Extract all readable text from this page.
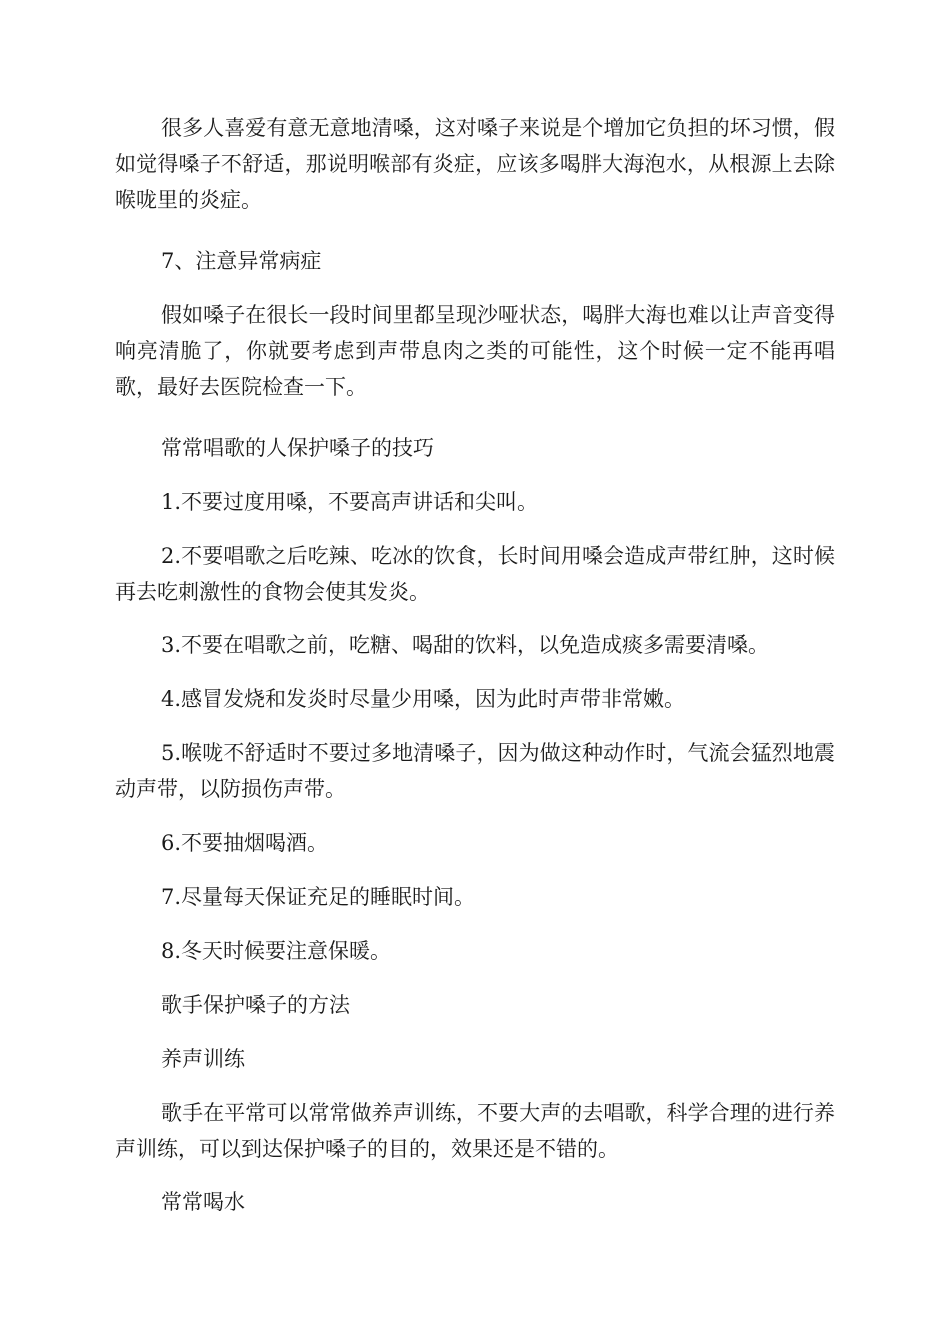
很多人喜爱有意无意地清嗓，这对嗓子来说是个增加它负担的坏习惯，假如觉得嗓子不舒适，那说明喉部有炎症，应该多喝胖大海泡水，从根源上去除喉咙里的炎症。

7、注意异常病症

假如嗓子在很长一段时间里都呈现沙哑状态，喝胖大海也难以让声音变得响亮清脆了，你就要考虑到声带息肉之类的可能性，这个时候一定不能再唱歌，最好去医院检查一下。

常常唱歌的人保护嗓子的技巧

1.不要过度用嗓，不要高声讲话和尖叫。

2.不要唱歌之后吃辣、吃冰的饮食，长时间用嗓会造成声带红肿，这时候再去吃刺激性的食物会使其发炎。

3.不要在唱歌之前，吃糖、喝甜的饮料，以免造成痰多需要清嗓。

4.感冒发烧和发炎时尽量少用嗓，因为此时声带非常嫩。

5.喉咙不舒适时不要过多地清嗓子，因为做这种动作时，气流会猛烈地震动声带，以防损伤声带。

6.不要抽烟喝酒。

7.尽量每天保证充足的睡眠时间。

8.冬天时候要注意保暖。

歌手保护嗓子的方法

养声训练

歌手在平常可以常常做养声训练，不要大声的去唱歌，科学合理的进行养声训练，可以到达保护嗓子的目的，效果还是不错的。

常常喝水
